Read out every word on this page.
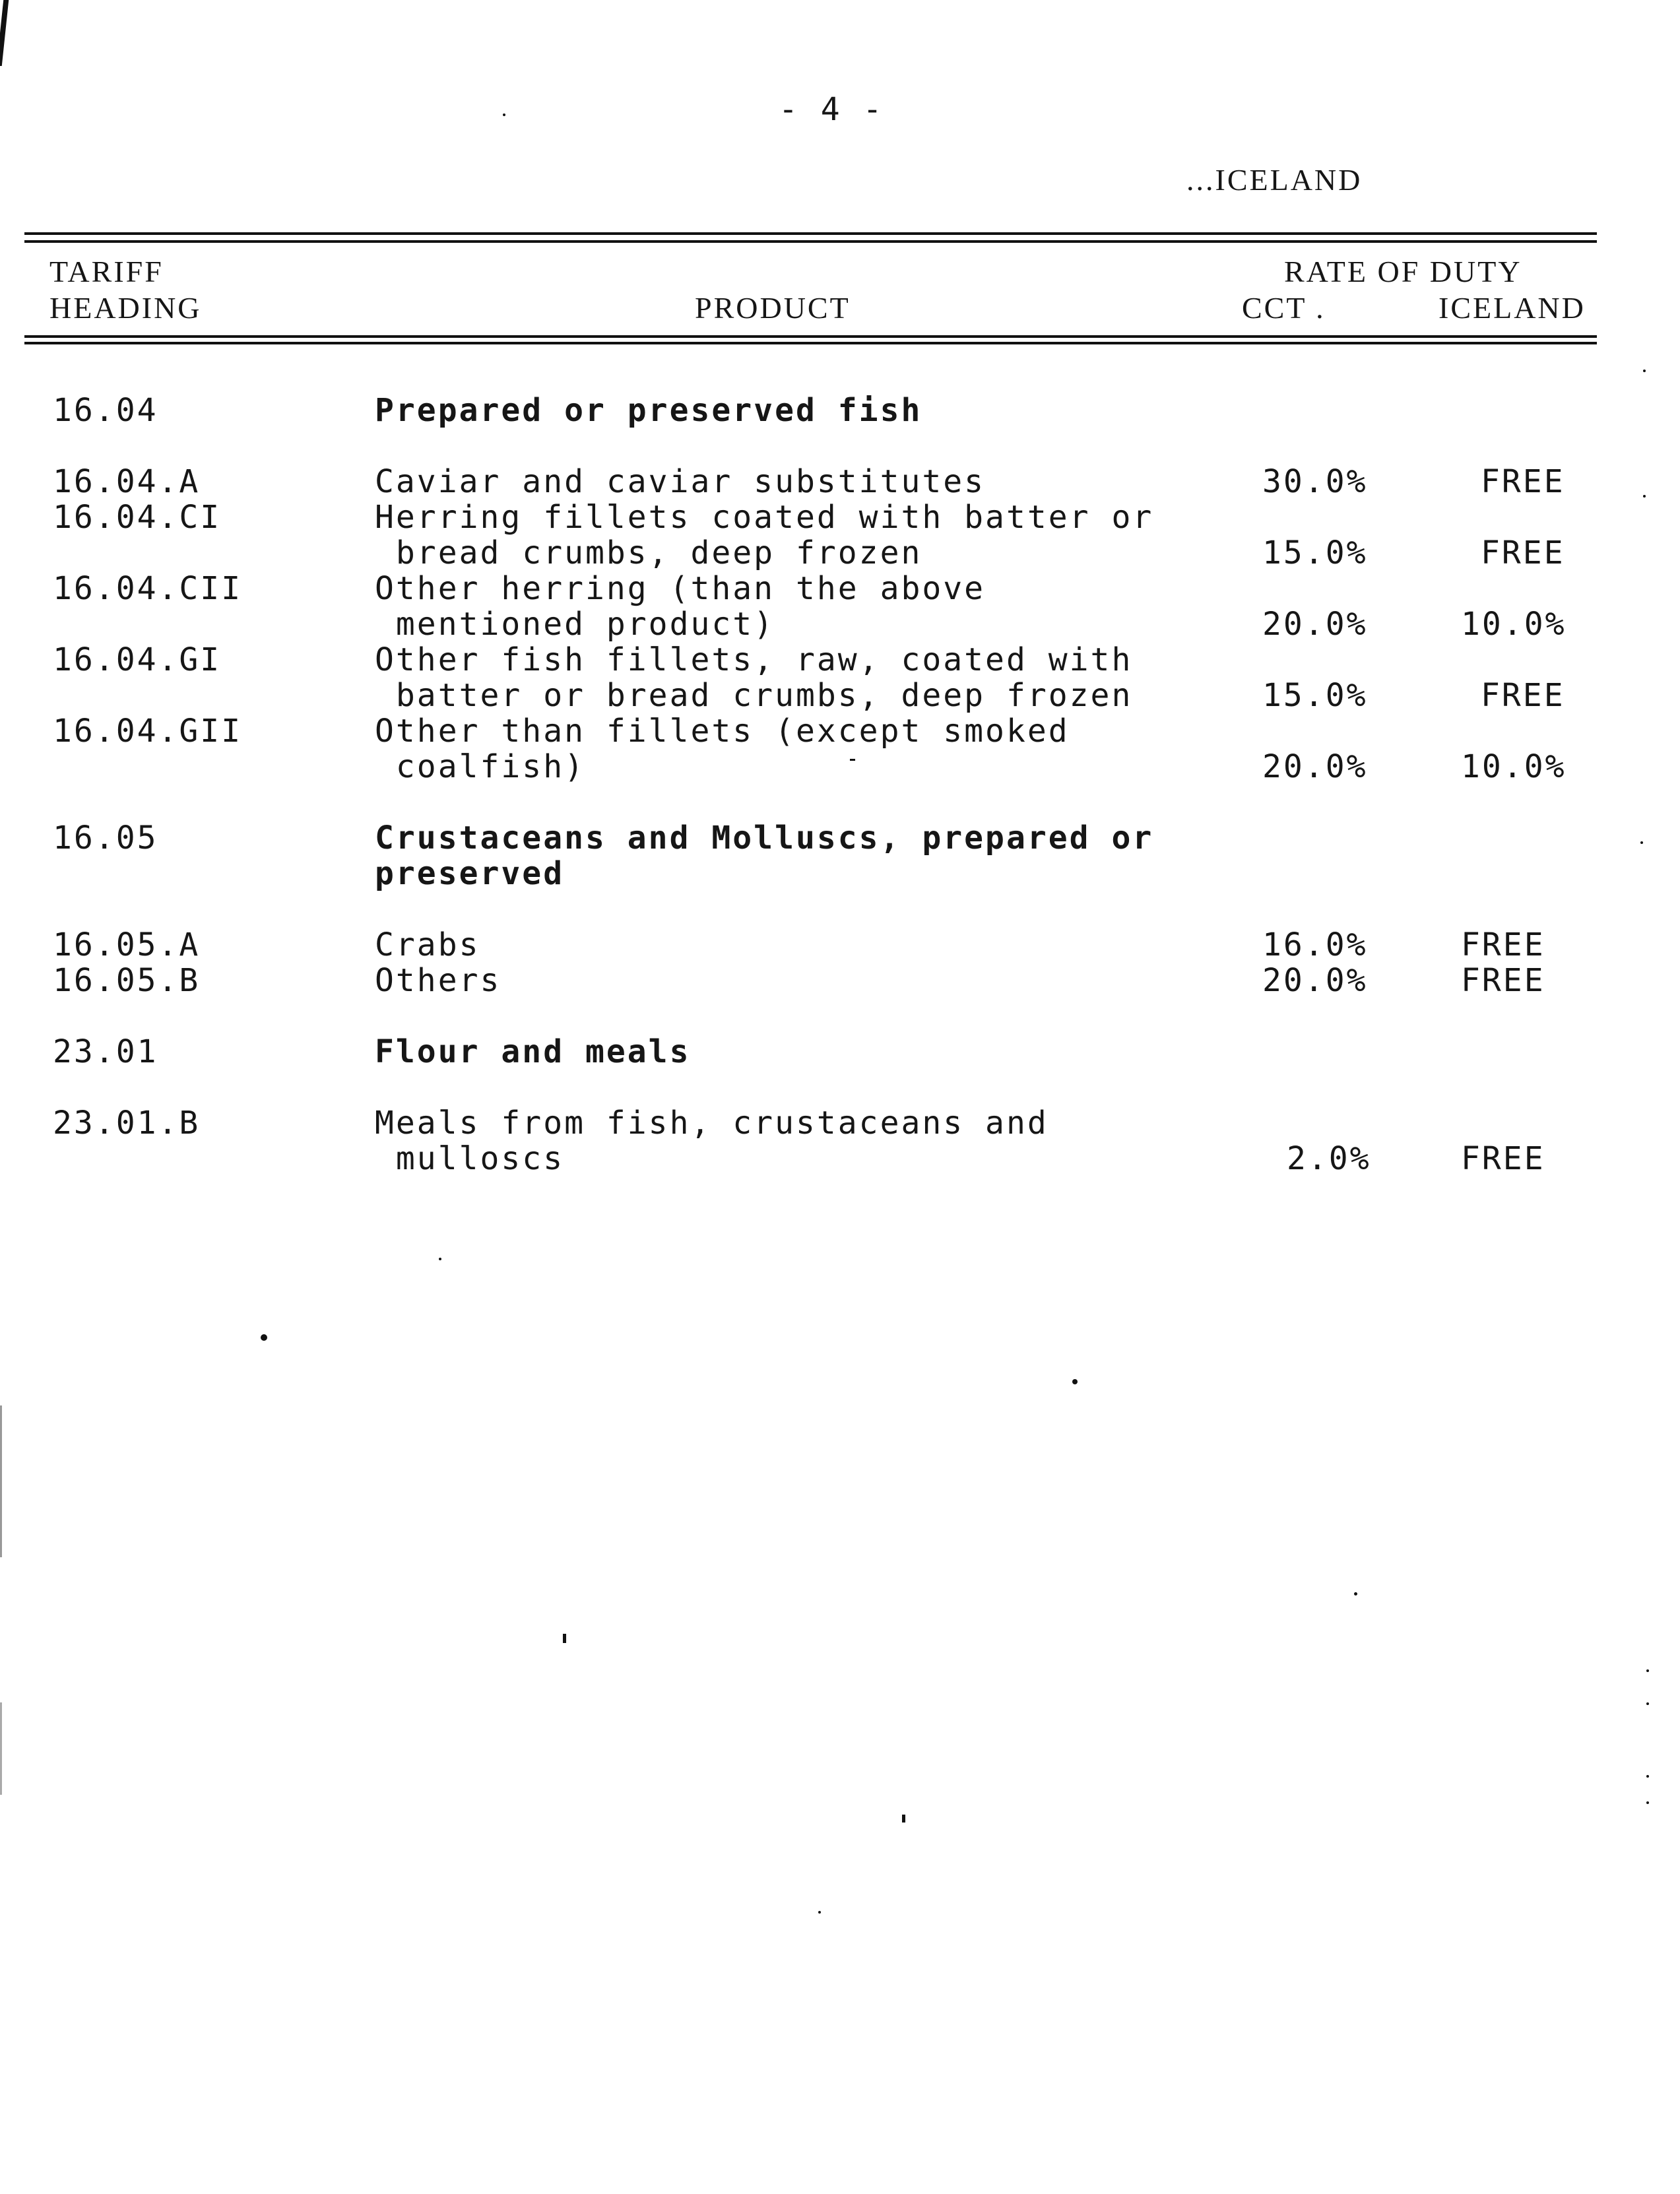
- 4 -
...ICELAND
TARIFF
HEADING	PRODUCT
RATE OF DUTY
CCT .	ICELAND
16.04	Prepared or preserved fish
16.04.A	Caviar and caviar substitutes	30.0%	FREE
16.04.CI	Herring fillets coated with batter or
bread crumbs, deep frozen	15.0%	FREE
16.04.CII	Other herring (than the above
mentioned product)	20.0%	10.0%
16.04.GI	Other fish fillets, raw, coated with
batter or bread crumbs, deep frozen	15.0%	FREE
16.04.GII	Other than fillets (except smoked
coalfish)	20.0%	10.0%
16.05	Crustaceans and Molluscs, prepared or
preserved
16.05.A	Crabs	16.0%	FREE
16.05.B	Others	20.0%	FREE
23.01	Flour and meals
23.01.B	Meals from fish, crustaceans and
mulloscs	2.0%	FREE
